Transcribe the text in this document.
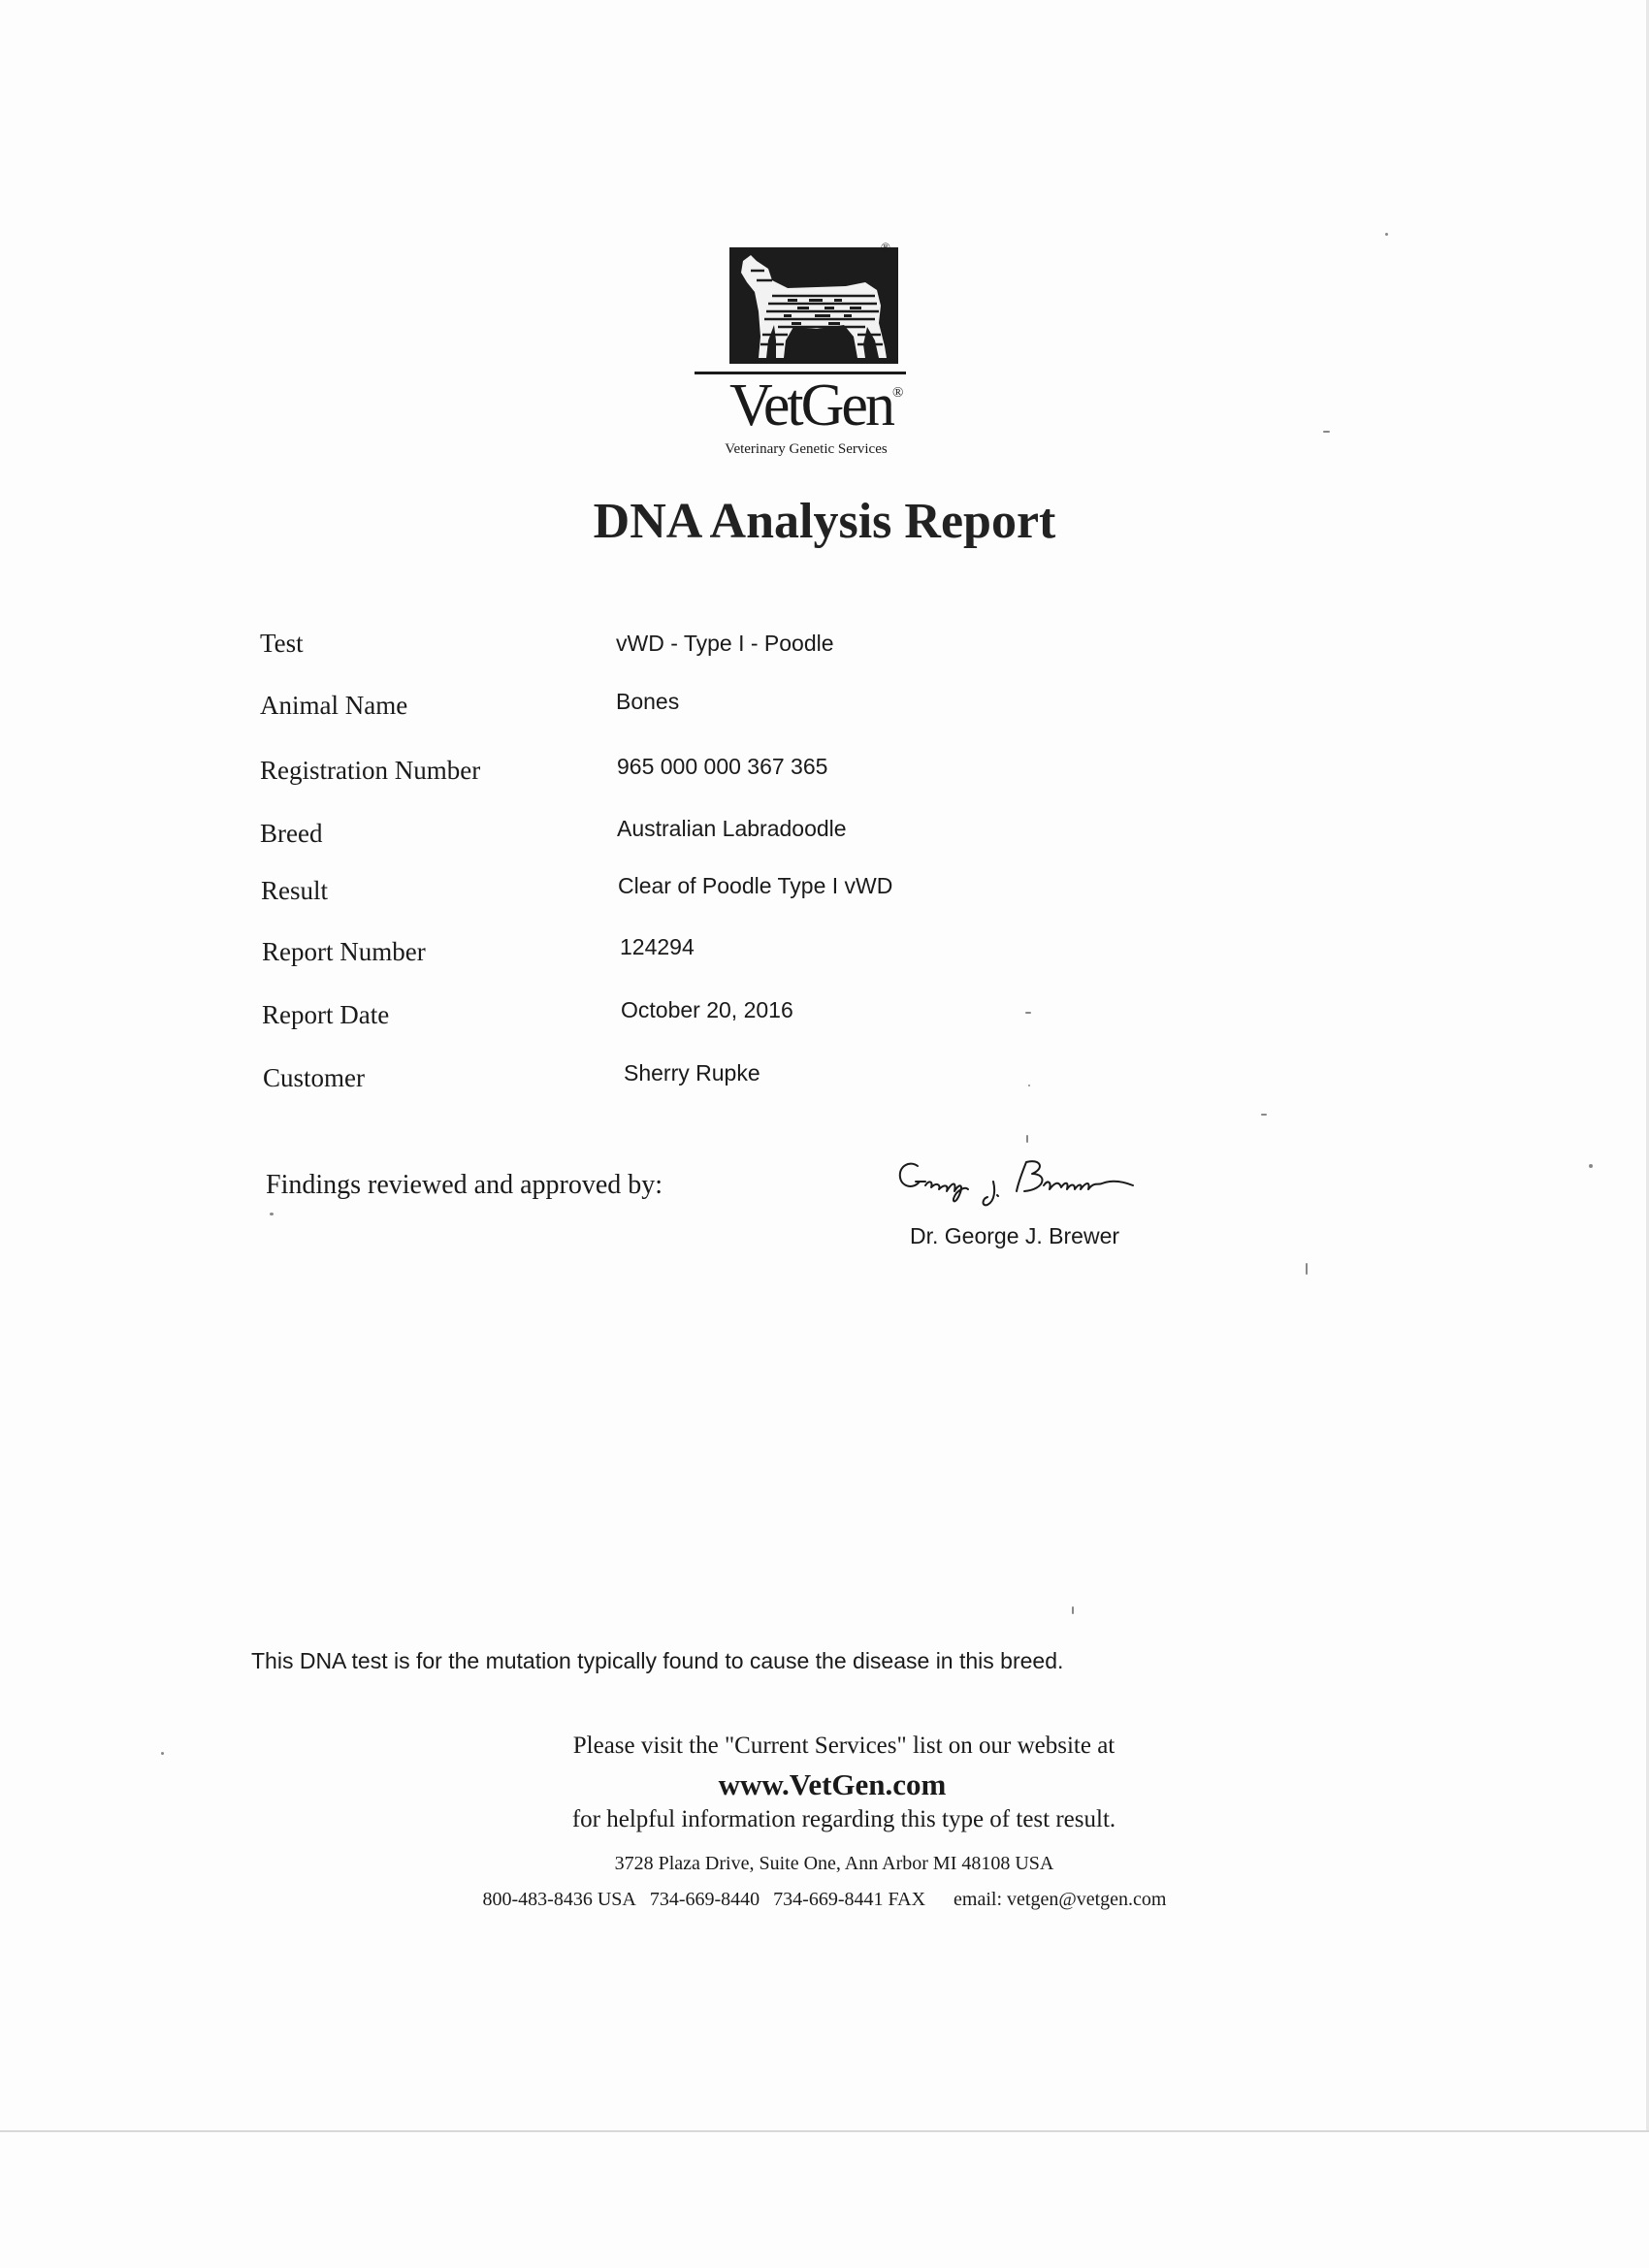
®
VetGen ®
Veterinary Genetic Services
DNA Analysis Report
Test	vWD - Type I - Poodle
Animal Name	Bones
Registration Number	965 000 000 367 365
Breed	Australian Labradoodle
Result	Clear of Poodle Type I vWD
Report Number	124294
Report Date	October 20, 2016
Customer	Sherry Rupke
Findings reviewed and approved by:
Dr. George J. Brewer
This DNA test is for the mutation typically found to cause the disease in this breed.
Please visit the "Current Services" list on our website at
www.VetGen.com
for helpful information regarding this type of test result.
3728 Plaza Drive, Suite One, Ann Arbor MI 48108 USA
800-483-8436 USA 734-669-8440 734-669-8441 FAX email: vetgen@vetgen.com
